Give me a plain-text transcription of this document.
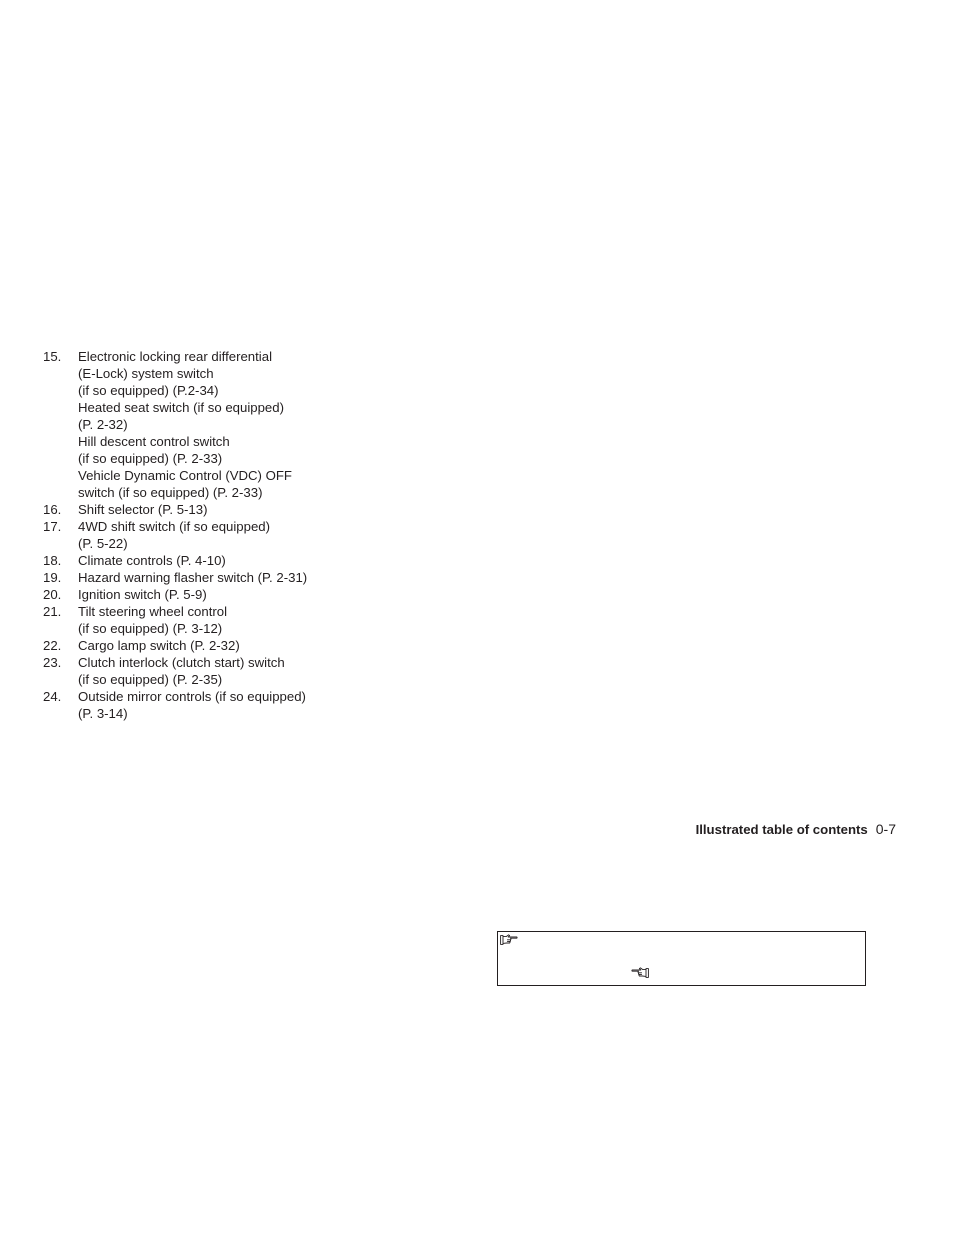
15.	Electronic locking rear differential
(E-Lock) system switch
(if so equipped) (P.2-34)
Heated seat switch (if so equipped)
(P. 2-32)
Hill descent control switch
(if so equipped) (P. 2-33)
Vehicle Dynamic Control (VDC) OFF
switch (if so equipped) (P. 2-33)
16.	Shift selector (P. 5-13)
17.	4WD shift switch (if so equipped)
(P. 5-22)
18.	Climate controls (P. 4-10)
19.	Hazard warning flasher switch (P. 2-31)
20.	Ignition switch (P. 5-9)
21.	Tilt steering wheel control
(if so equipped) (P. 3-12)
22.	Cargo lamp switch (P. 2-32)
23.	Clutch interlock (clutch start) switch
(if so equipped) (P. 2-35)
24.	Outside mirror controls (if so equipped)
(P. 3-14)
Illustrated table of contents 0-7
